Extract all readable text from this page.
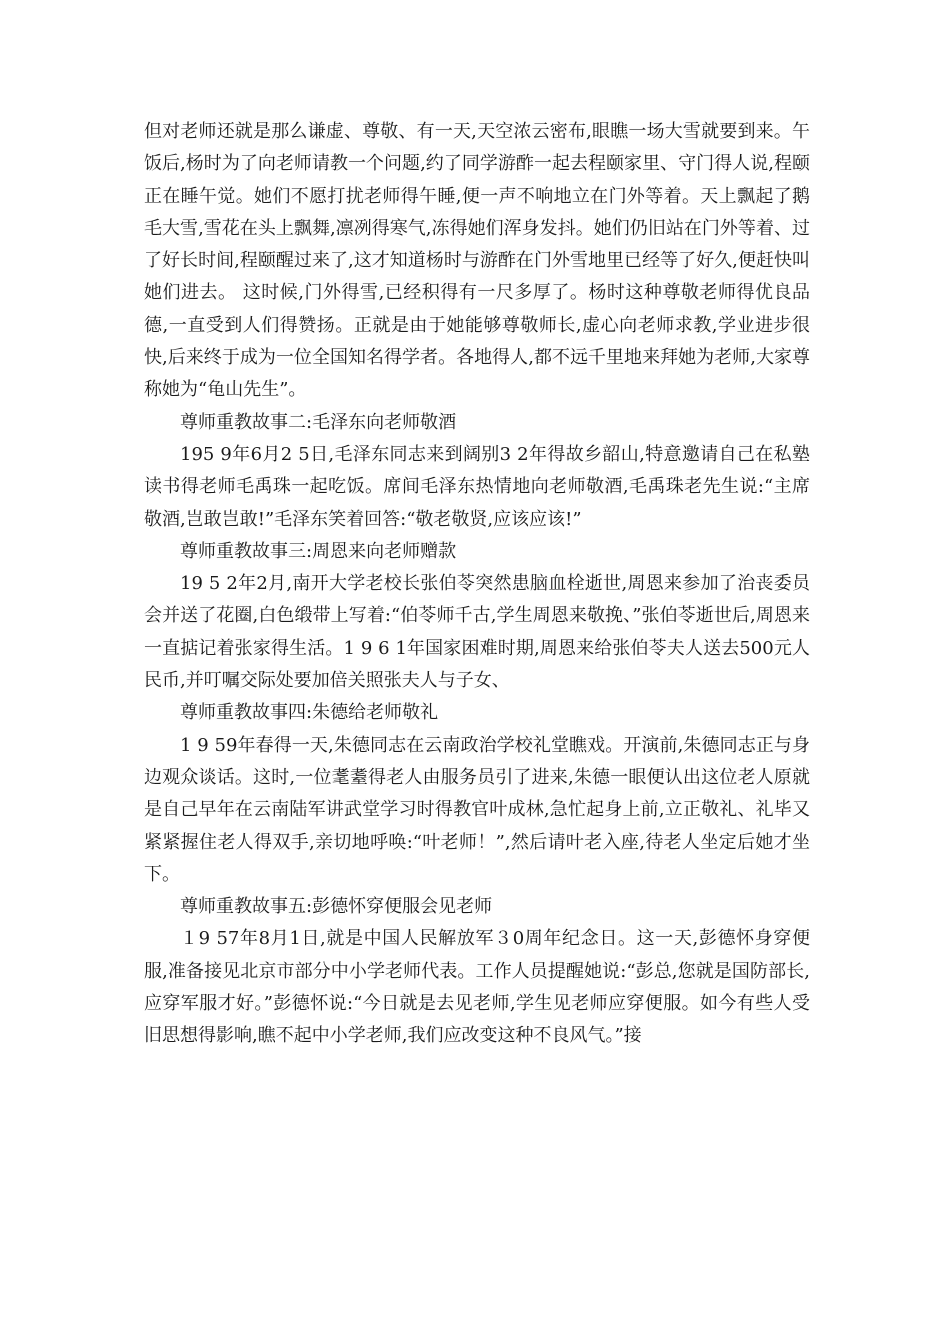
但对老师还就是那么谦虚、尊敬、有一天,天空浓云密布,眼瞧一场大雪就要到来。午饭后,杨时为了向老师请教一个问题,约了同学游酢一起去程颐家里、守门得人说,程颐正在睡午觉。她们不愿打扰老师得午睡,便一声不响地立在门外等着。天上飘起了鹅毛大雪,雪花在头上飘舞,凛冽得寒气,冻得她们浑身发抖。她们仍旧站在门外等着、过了好长时间,程颐醒过来了,这才知道杨时与游酢在门外雪地里已经等了好久,便赶快叫她们进去。 这时候,门外得雪,已经积得有一尺多厚了。杨时这种尊敬老师得优良品德,一直受到人们得赞扬。正就是由于她能够尊敬师长,虚心向老师求教,学业进步很快,后来终于成为一位全国知名得学者。各地得人,都不远千里地来拜她为老师,大家尊称她为“龟山先生”。

尊师重教故事二:毛泽东向老师敬酒

195 9年6月2 5日,毛泽东同志来到阔别3 2年得故乡韶山,特意邀请自己在私塾读书得老师毛禹珠一起吃饭。席间毛泽东热情地向老师敬酒,毛禹珠老先生说:“主席敬酒,岂敢岂敢!”毛泽东笑着回答:“敬老敬贤,应该应该!”

尊师重教故事三:周恩来向老师赠款

19 5 2年2月,南开大学老校长张伯苓突然患脑血栓逝世,周恩来参加了治丧委员会并送了花圈,白色缎带上写着:“伯苓师千古,学生周恩来敬挽、”张伯苓逝世后,周恩来一直掂记着张家得生活。1 9 6 1年国家困难时期,周恩来给张伯苓夫人送去500元人民币,并叮嘱交际处要加倍关照张夫人与子女、

尊师重教故事四:朱德给老师敬礼

1 9 59年春得一天,朱德同志在云南政治学校礼堂瞧戏。开演前,朱德同志正与身边观众谈话。这时,一位耄耋得老人由服务员引了进来,朱德一眼便认出这位老人原就是自己早年在云南陆军讲武堂学习时得教官叶成林,急忙起身上前,立正敬礼、礼毕又紧紧握住老人得双手,亲切地呼唤:“叶老师！”,然后请叶老入座,待老人坐定后她才坐下。

尊师重教故事五:彭德怀穿便服会见老师

１9 57年8月1日,就是中国人民解放军３0周年纪念日。这一天,彭德怀身穿便服,准备接见北京市部分中小学老师代表。工作人员提醒她说:“彭总,您就是国防部长,应穿军服才好。”彭德怀说:“今日就是去见老师,学生见老师应穿便服。如今有些人受旧思想得影响,瞧不起中小学老师,我们应改变这种不良风气。”接
